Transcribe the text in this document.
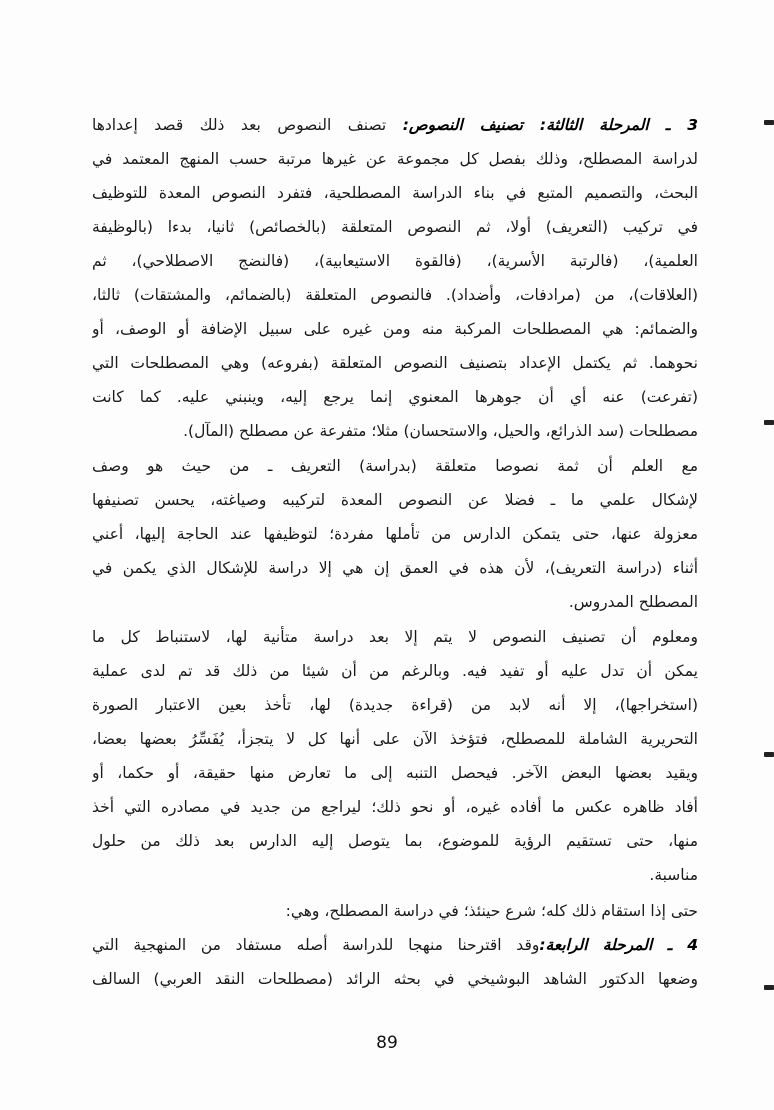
3 ـ المرحلة الثالثة: تصنيف النصوص: تصنف النصوص بعد ذلك قصد إعدادها
لدراسة المصطلح، وذلك بفصل كل مجموعة عن غيرها مرتبة حسب المنهج المعتمد في
البحث، والتصميم المتبع في بناء الدراسة المصطلحية، فتفرد النصوص المعدة للتوظيف
في تركيب (التعريف) أولا، ثم النصوص المتعلقة (بالخصائص) ثانيا، بدءا (بالوظيفة
العلمية)، (فالرتبة الأسرية)، (فالقوة الاستيعابية)، (فالنضج الاصطلاحي)، ثم
(العلاقات)، من (مرادفات، وأضداد). فالنصوص المتعلقة (بالضمائم، والمشتقات) ثالثا،
والضمائم: هي المصطلحات المركبة منه ومن غيره على سبيل الإضافة أو الوصف، أو
نحوهما. ثم يكتمل الإعداد بتصنيف النصوص المتعلقة (بفروعه) وهي المصطلحات التي
(تفرعت) عنه أي أن جوهرها المعنوي إنما يرجع إليه، وينبني عليه. كما كانت
مصطلحات (سد الذرائع، والحيل، والاستحسان) مثلا؛ متفرعة عن مصطلح (المآل).
مع العلم أن ثمة نصوصا متعلقة (بدراسة) التعريف ـ من حيث هو وصف
لإشكال علمي ما ـ فضلا عن النصوص المعدة لتركيبه وصياغته، يحسن تصنيفها
معزولة عنها، حتى يتمكن الدارس من تأملها مفردة؛ لتوظيفها عند الحاجة إليها، أعني
أثناء (دراسة التعريف)، لأن هذه في العمق إن هي إلا دراسة للإشكال الذي يكمن في
المصطلح المدروس.
ومعلوم أن تصنيف النصوص لا يتم إلا بعد دراسة متأنية لها، لاستنباط كل ما
يمكن أن تدل عليه أو تفيد فيه. وبالرغم من أن شيئا من ذلك قد تم لدى عملية
(استخراجها)، إلا أنه لابد من (قراءة جديدة) لها، تأخذ بعين الاعتبار الصورة
التحريرية الشاملة للمصطلح، فتؤخذ الآن على أنها كل لا يتجزأ، يُفَسِّرُ بعضها بعضا،
ويقيد بعضها البعض الآخر. فيحصل التنبه إلى ما تعارض منها حقيقة، أو حكما، أو
أفاد ظاهره عكس ما أفاده غيره، أو نحو ذلك؛ ليراجع من جديد في مصادره التي أخذ
منها، حتى تستقيم الرؤية للموضوع، بما يتوصل إليه الدارس بعد ذلك من حلول
مناسبة.
حتى إذا استقام ذلك كله؛ شرع حينئذ؛ في دراسة المصطلح، وهي:
4 ـ المرحلة الرابعة:وقد اقترحنا منهجا للدراسة أصله مستفاد من المنهجية التي
وضعها الدكتور الشاهد البوشيخي في بحثه الرائد (مصطلحات النقد العربي) السالف
89
